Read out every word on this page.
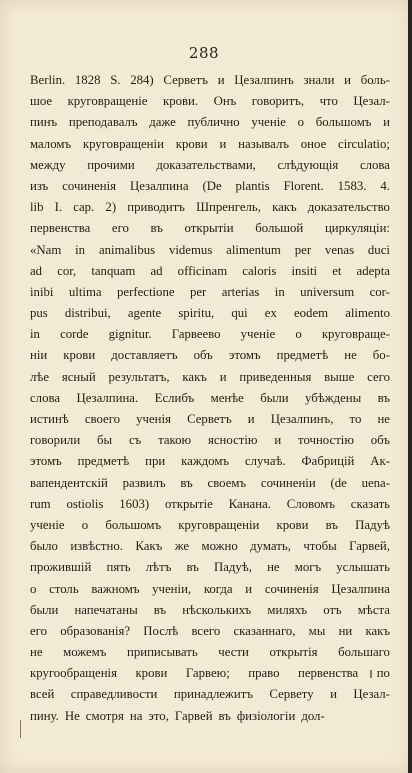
288
Berlin. 1828 S. 284) Серветъ и Цезалпинъ знали и боль-
шое круговращеніе крови. Онъ говоритъ, что Цезал-
пинъ преподавалъ даже публично ученіе о большомъ и
маломъ круговращеніи крови и называлъ оное circulatio;
между прочими доказательствами, слѣдующія слова
изъ сочиненія Цезалпина (De plantis Florent. 1583. 4.
lib I. cap. 2) приводитъ Шпренгель, какъ доказательство
первенства его въ открытіи большой циркуляціи:
«Nam in animalibus videmus alimentum per venas duci
ad cor, tanquam ad officinam caloris insiti et adepta
inibi ultima perfectione per arterias in universum cor-
pus distribui, agente spiritu, qui ex eodem alimento
in corde gignitur. Гарвеево ученіе о круговраще-
ніи крови доставляетъ объ этомъ предметѣ не бо-
лѣе ясный результатъ, какъ и приведенныя выше сего
слова Цезалпина. Еслибъ менѣе были убѣждены въ
истинѣ своего ученія Серветъ и Цезалпинъ, то не
говорили бы съ такою ясностію и точностію объ
этомъ предметѣ при каждомъ случаѣ. Фабрицій Ак-
вапендентскій развилъ въ своемъ сочиненіи (de uena-
rum ostiolis 1603) открытіе Канана. Словомъ сказать
ученіе о большомъ круговращеніи крови въ Падуѣ
было извѣстно. Какъ же можно думать, чтобы Гарвей,
прожившій пять лѣтъ въ Падуѣ, не могъ услышать
о столь важномъ ученіи, когда и сочиненія Цезалпина
были напечатаны въ нѣсколькихъ миляхъ отъ мѣста
его образованія? Послѣ всего сказаннаго, мы ни какъ
не можемъ приписывать чести открытія большаго
кругообращенія крови Гарвею; право первенства по
всей справедливости принадлежитъ Сервету и Цезал-
пину. Не смотря на это, Гарвей въ физіологіи дол-
